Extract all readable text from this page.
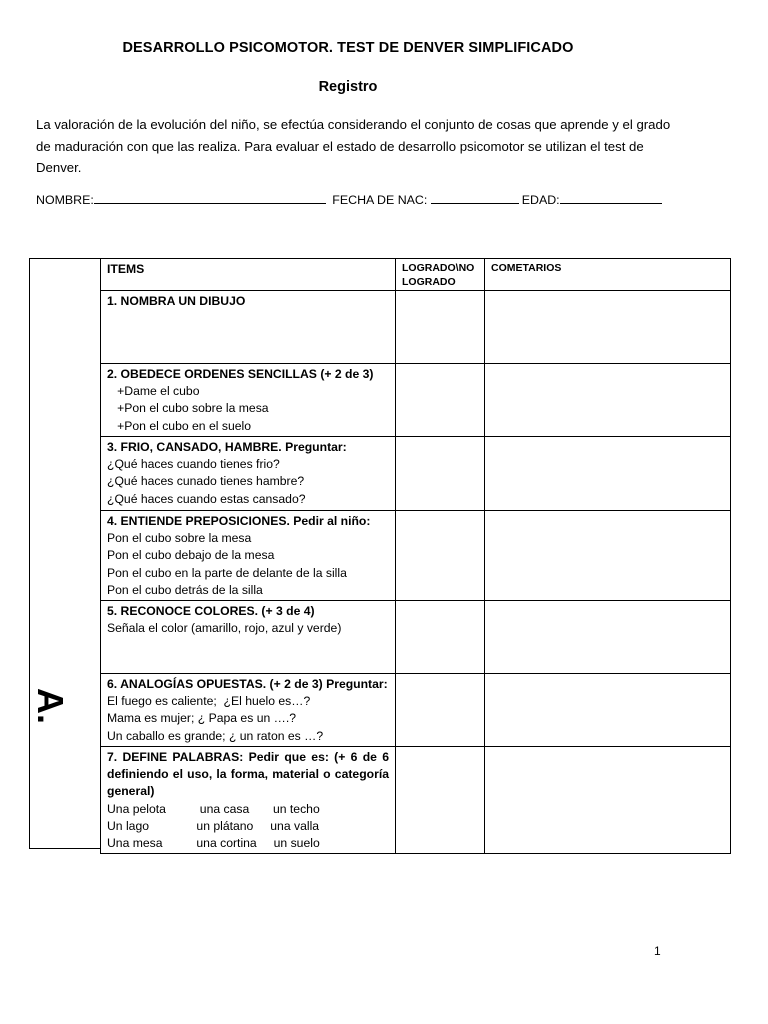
DESARROLLO PSICOMOTOR. TEST DE DENVER SIMPLIFICADO
Registro
La valoración de la evolución del niño, se efectúa considerando el conjunto de cosas que aprende y el grado de maduración con que las realiza. Para evaluar el estado de desarrollo psicomotor se utilizan el test de Denver.
NOMBRE:	FECHA DE NAC:	EDAD:
A.
ITEMS	LOGRADO\NO LOGRADO	COMETARIOS

1. NOMBRA UN DIBUJO		

2. OBEDECE ORDENES SENCILLAS (+ 2 de 3)
+Dame el cubo
+Pon el cubo sobre la mesa
+Pon el cubo en el suelo		

3. FRIO, CANSADO, HAMBRE. Preguntar:
¿Qué haces cuando tienes frio?
¿Qué haces cunado tienes hambre?
¿Qué haces cuando estas cansado?		

4. ENTIENDE PREPOSICIONES. Pedir al niño:
Pon el cubo sobre la mesa
Pon el cubo debajo de la mesa
Pon el cubo en la parte de delante de la silla
Pon el cubo detrás de la silla		

5. RECONOCE COLORES. (+ 3 de 4)
Señala el color (amarillo, rojo, azul y verde)		

6. ANALOGÍAS OPUESTAS. (+ 2 de 3) Preguntar:
El fuego es caliente;  ¿El huelo es…?
Mama es mujer; ¿ Papa es un ….?
Un caballo es grande; ¿ un raton es …?		

7. DEFINE PALABRAS: Pedir que es: (+ 6 de 6 definiendo el uso, la forma, material o categoría general)
Una pelota          una casa       un techo
Un lago              un plátano     una valla
Una mesa          una cortina     un suelo		

1
